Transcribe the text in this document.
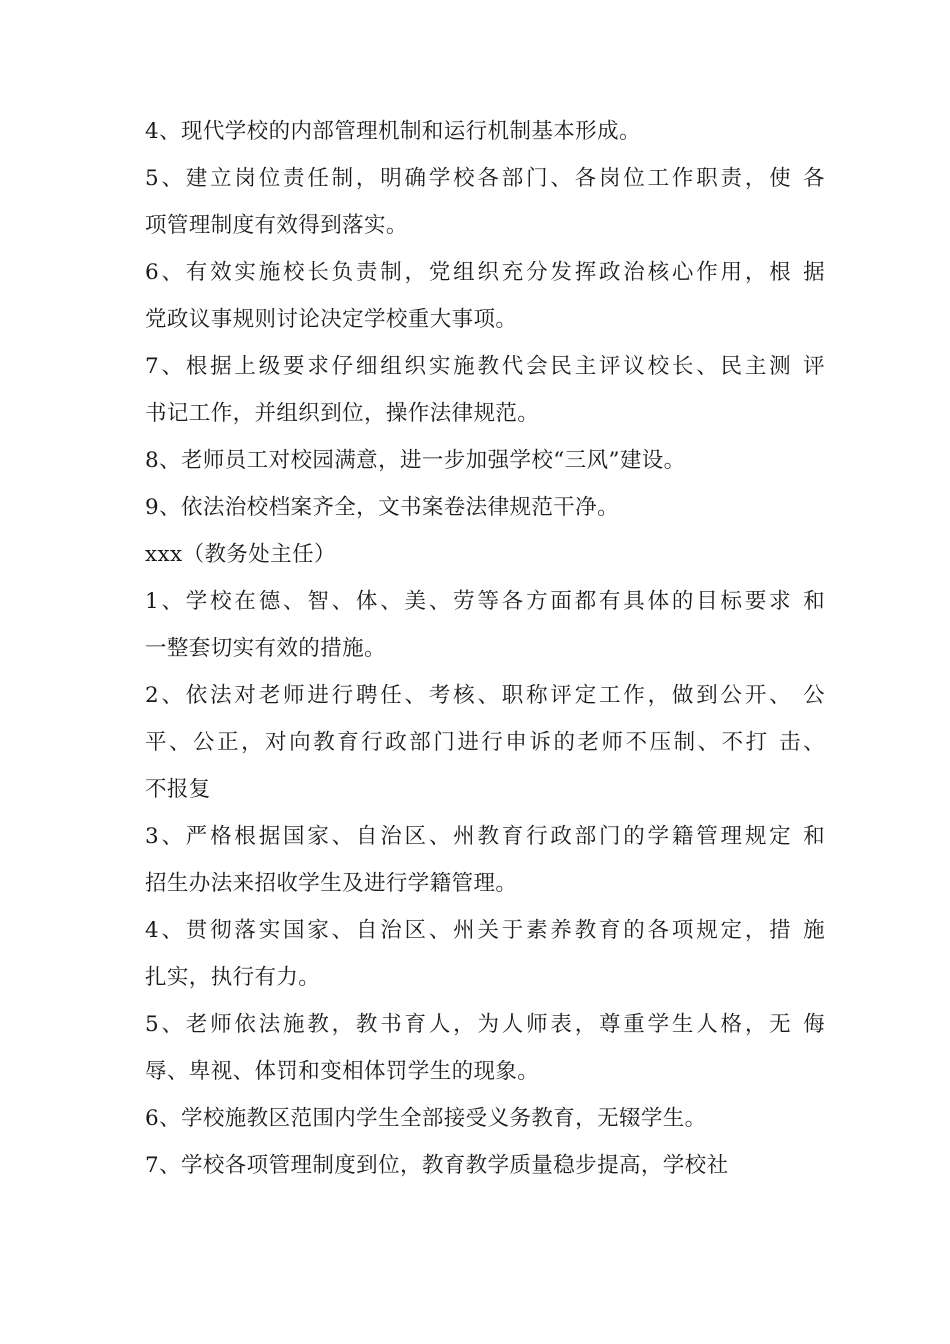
4、现代学校的内部管理机制和运行机制基本形成。
5、建立岗位责任制，明确学校各部门、各岗位工作职责，使 各
项管理制度有效得到落实。
6、有效实施校长负责制，党组织充分发挥政治核心作用，根 据
党政议事规则讨论决定学校重大事项。
7、根据上级要求仔细组织实施教代会民主评议校长、民主测 评
书记工作，并组织到位，操作法律规范。
8、老师员工对校园满意，进一步加强学校“三风”建设。
9、依法治校档案齐全，文书案卷法律规范干净。
xxx（教务处主任）
1、学校在德、智、体、美、劳等各方面都有具体的目标要求 和
一整套切实有效的措施。
2、依法对老师进行聘任、考核、职称评定工作，做到公开、 公
平、公正，对向教育行政部门进行申诉的老师不压制、不打 击、
不报复
3、严格根据国家、自治区、州教育行政部门的学籍管理规定 和
招生办法来招收学生及进行学籍管理。
4、贯彻落实国家、自治区、州关于素养教育的各项规定，措 施
扎实，执行有力。
5、老师依法施教，教书育人，为人师表，尊重学生人格，无 侮
辱、卑视、体罚和变相体罚学生的现象。
6、学校施教区范围内学生全部接受义务教育，无辍学生。
7、学校各项管理制度到位，教育教学质量稳步提高，学校社
